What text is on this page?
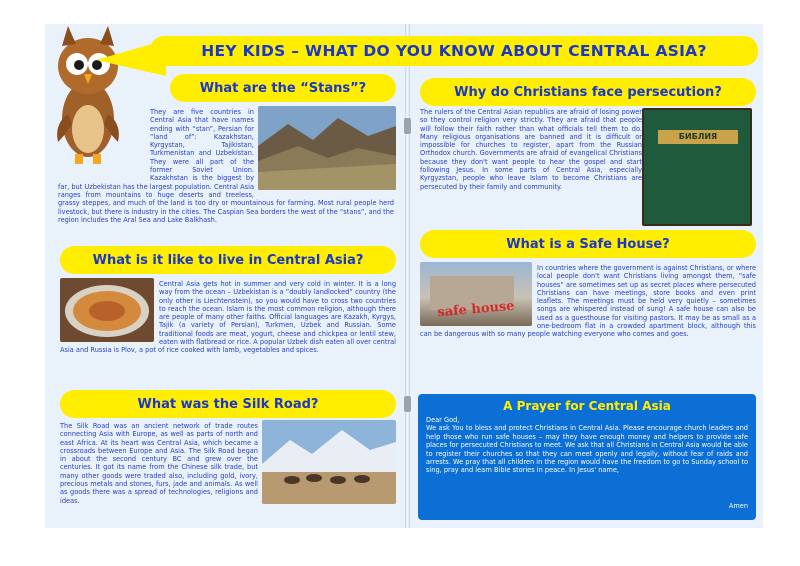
HEY KIDS – WHAT DO YOU KNOW ABOUT CENTRAL ASIA?
What are the “Stans”?
They are five countries in Central Asia that have names ending with “stan”, Persian for “land of”: Kazakhstan, Kyrgystan, Tajikistan, Turkmenistan and Uzbekistan. They were all part of the former Soviet Union. Kazakhstan is the biggest by far, but Uzbekistan has the largest population. Central Asia ranges from mountains to huge deserts and treeless, grassy steppes, and much of the land is too dry or mountainous for farming. Most rural people herd livestock, but there is industry in the cities. The Caspian Sea borders the west of the “stans”, and the region includes the Aral Sea and Lake Balkhash.
What is it like to live in Central Asia?
Central Asia gets hot in summer and very cold in winter. It is a long way from the ocean – Uzbekistan is a “doubly landlocked” country (the only other is Liechtenstein), so you would have to cross two countries to reach the ocean. Islam is the most common religion, although there are people of many other faiths. Official languages are Kazakh, Kyrgys, Tajik (a variety of Persian), Turkmen, Uzbek and Russian. Some traditional foods are meat, yogurt, cheese and chickpea or lentil stew, eaten with flatbread or rice. A popular Uzbek dish eaten all over central Asia and Russia is Plov, a pot of rice cooked with lamb, vegetables and spices.
What was the Silk Road?
The Silk Road was an ancient network of trade routes connecting Asia with Europe, as well as parts of north and east Africa. At its heart was Central Asia, which became a crossroads between Europe and Asia. The Silk Road began in about the second century BC and grew over the centuries. It got its name from the Chinese silk trade, but many other goods were traded also, including gold, ivory, precious metals and stones, furs, jade and animals. As well as goods there was a spread of technologies, religions and ideas.
Why do Christians face persecution?
БИБЛИЯ
The rulers of the Central Asian republics are afraid of losing power so they control religion very strictly. They are afraid that people will follow their faith rather than what officials tell them to do. Many religious organisations are banned and it is difficult or impossible for churches to register, apart from the Russian Orthodox church. Governments are afraid of evangelical Christians because they don't want people to hear the gospel and start following Jesus. In some parts of Central Asia, especially Kyrgyzstan, people who leave Islam to become Christians are persecuted by their family and community.
What is a Safe House?
safe house
In countries where the government is against Christians, or where local people don't want Christians living amongst them, “safe houses” are sometimes set up as secret places where persecuted Christians can have meetings, store books and even print leaflets. The meetings must be held very quietly – sometimes songs are whispered instead of sung! A safe house can also be used as a guesthouse for visiting pastors. It may be as small as a one-bedroom flat in a crowded apartment block, although this can be dangerous with so many people watching everyone who comes and goes.
A Prayer for Central Asia
Dear God,
We ask You to bless and protect Christians in Central Asia. Please encourage church leaders and help those who run safe houses – may they have enough money and helpers to provide safe places for persecuted Christians to meet. We ask that all Christians in Central Asia would be able to register their churches so that they can meet openly and legally, without fear of raids and arrests. We pray that all children in the region would have the freedom to go to Sunday school to sing, pray and learn Bible stories in peace. In Jesus' name,
Amen
